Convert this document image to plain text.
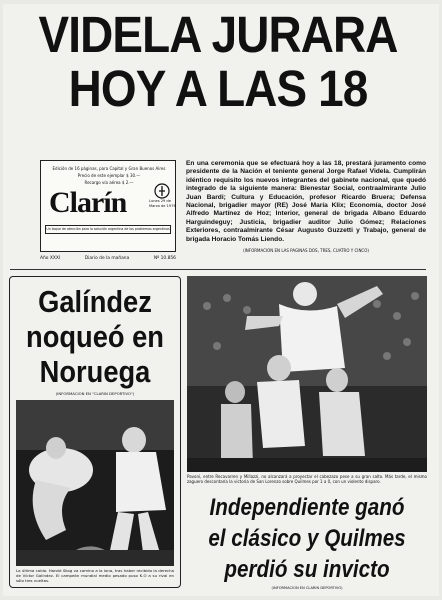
VIDELA JURARA
HOY A LAS 18
Edición de 16 páginas, para Capital y Gran Buenos Aires
Precio de este ejemplar $ 30.—
Recargo vía aérea $ 2.—
Clarín	Lunes 29 de Marzo de 1976
Un toque de atención para la solución argentina de los problemas argentinos
Año XXXI	Diario de la mañana	Nº 10.856
En una ceremonia que se efectuará hoy a las 18, prestará juramento como presidente de la Nación el teniente general Jorge Rafael Videla. Cumplirán idéntico requisito los nuevos integrantes del gabinete nacional, que quedó integrado de la siguiente manera: Bienestar Social, contraalmirante Julio Juan Bardi; Cultura y Educación, profesor Ricardo Bruera; Defensa Nacional, brigadier mayor (RE) José María Klix; Economía, doctor José Alfredo Martínez de Hoz; Interior, general de brigada Albano Eduardo Harguindeguy; Justicia, brigadier auditor Julio Gómez; Relaciones Exteriores, contraalmirante César Augusto Guzzetti y Trabajo, general de brigada Horacio Tomás Liendo.
(INFORMACION EN LAS PAGINAS DOS, TRES, CUATRO Y CINCO)
Galíndez
noqueó en
Noruega
(INFORMACION EN "CLARIN DEPORTIVO")
La última caída. Harold Skog va camino a la lona, tras haber recibido la derecha de Víctor Galíndez. El campeón mundial medio pesado puso K.O a su rival en sólo tres vueltas.
Pavoni, entre Recavarren y Millazzi, no alcanzará a proyectar el cabezazo pese a su gran salto. Más tarde, el mismo zaguero descontaría la victoria de San Lorenzo sobre Quilmes por 1 a 0, con un violento disparo.
Independiente ganó
el clásico y Quilmes
perdió su invicto
(INFORMACION EN CLARIN DEPORTIVO)
